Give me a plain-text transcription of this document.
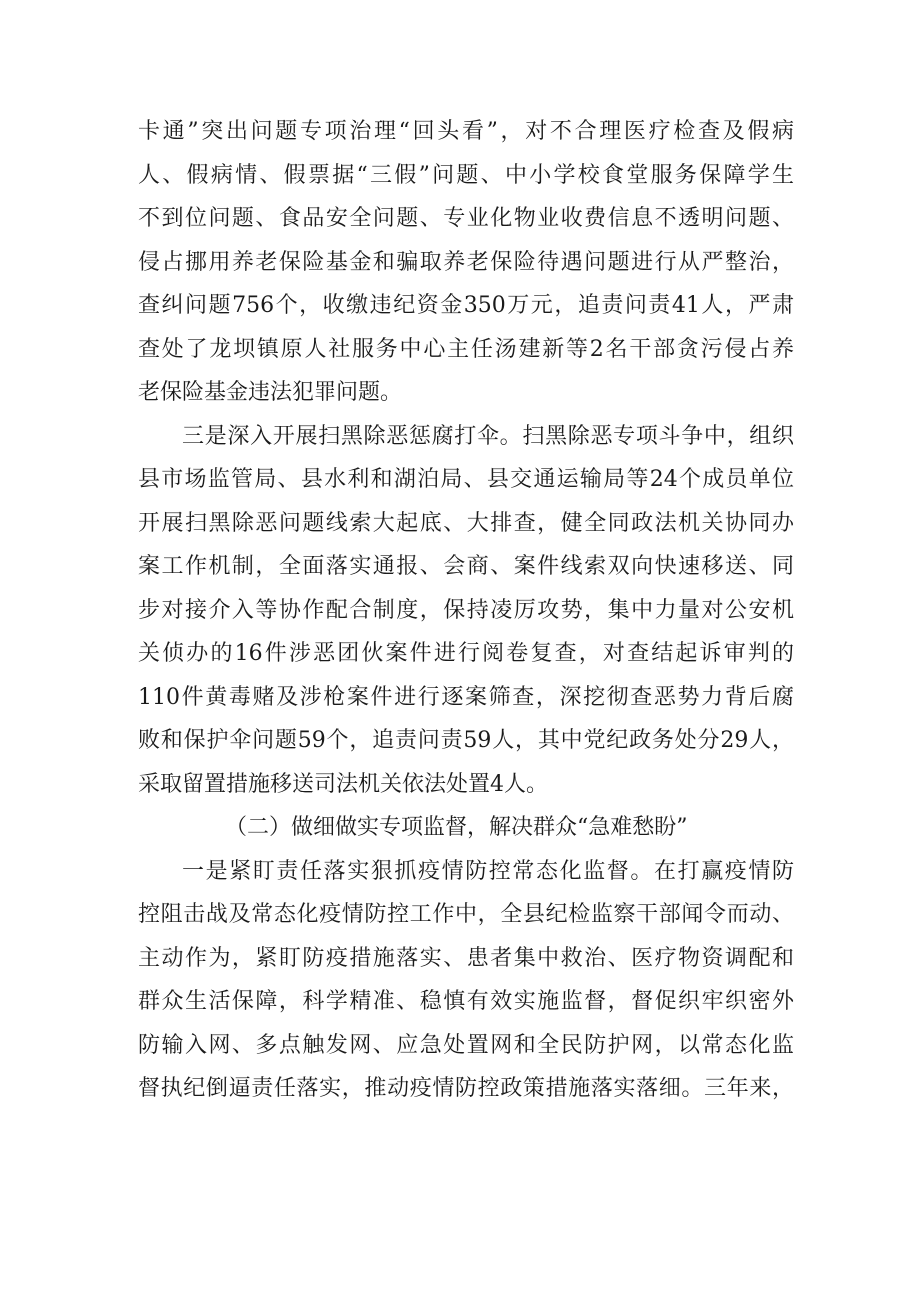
卡通”突出问题专项治理“回头看”，对不合理医疗检查及假病
人、假病情、假票据“三假”问题、中小学校食堂服务保障学生
不到位问题、食品安全问题、专业化物业收费信息不透明问题、
侵占挪用养老保险基金和骗取养老保险待遇问题进行从严整治，
查纠问题756个，收缴违纪资金350万元，追责问责41人，严肃
查处了龙坝镇原人社服务中心主任汤建新等2名干部贪污侵占养
老保险基金违法犯罪问题。
三是深入开展扫黑除恶惩腐打伞。扫黑除恶专项斗争中，组织
县市场监管局、县水利和湖泊局、县交通运输局等24个成员单位
开展扫黑除恶问题线索大起底、大排查，健全同政法机关协同办
案工作机制，全面落实通报、会商、案件线索双向快速移送、同
步对接介入等协作配合制度，保持凌厉攻势，集中力量对公安机
关侦办的16件涉恶团伙案件进行阅卷复查，对查结起诉审判的
110件黄毒赌及涉枪案件进行逐案筛查，深挖彻查恶势力背后腐
败和保护伞问题59个，追责问责59人，其中党纪政务处分29人，
采取留置措施移送司法机关依法处置4人。
（二）做细做实专项监督，解决群众“急难愁盼”
一是紧盯责任落实狠抓疫情防控常态化监督。在打赢疫情防
控阻击战及常态化疫情防控工作中，全县纪检监察干部闻令而动、
主动作为，紧盯防疫措施落实、患者集中救治、医疗物资调配和
群众生活保障，科学精准、稳慎有效实施监督，督促织牢织密外
防输入网、多点触发网、应急处置网和全民防护网，以常态化监
督执纪倒逼责任落实，推动疫情防控政策措施落实落细。三年来，
